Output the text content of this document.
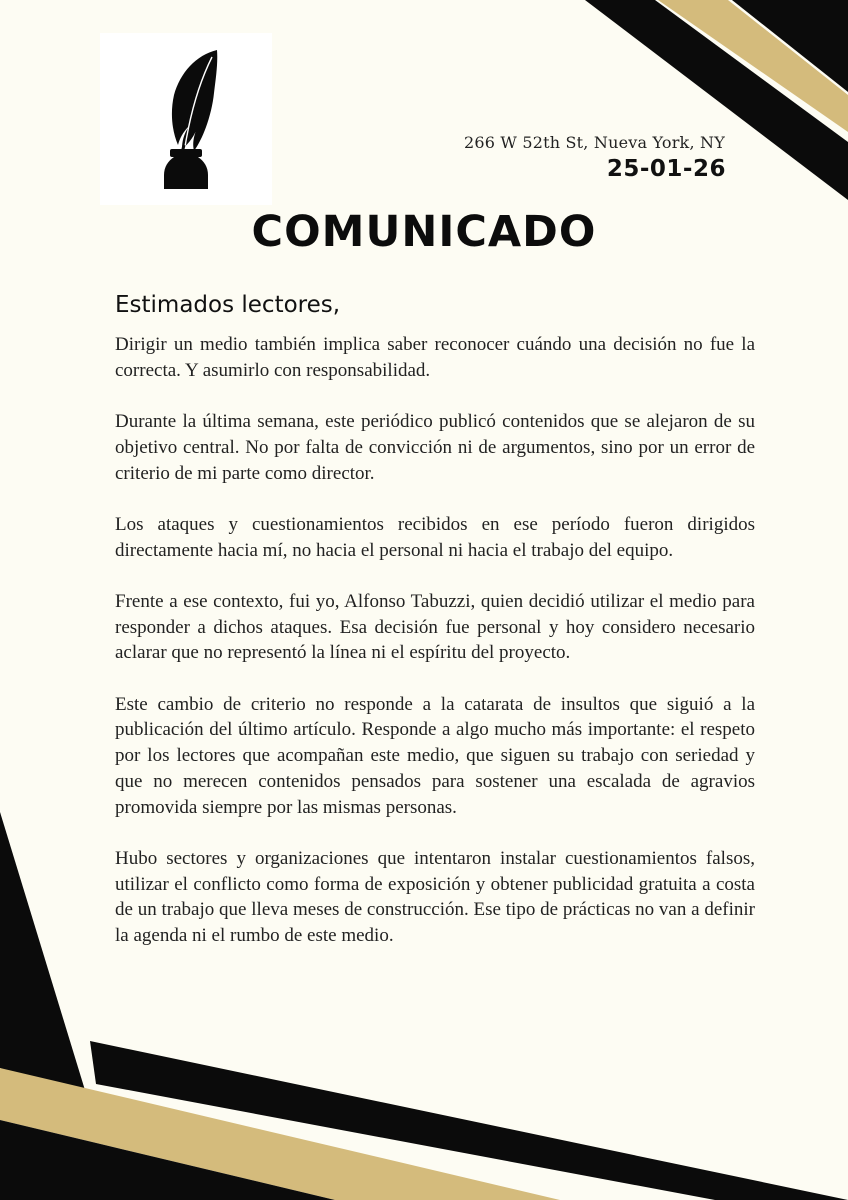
266 W 52th St, Nueva York, NY
25-01-26
COMUNICADO
Estimados lectores,

Dirigir un medio también implica saber reconocer cuándo una decisión no fue la correcta. Y asumirlo con responsabilidad.

Durante la última semana, este periódico publicó contenidos que se alejaron de su objetivo central. No por falta de convicción ni de argumentos, sino por un error de criterio de mi parte como director.

Los ataques y cuestionamientos recibidos en ese período fueron dirigidos directamente hacia mí, no hacia el personal ni hacia el trabajo del equipo.

Frente a ese contexto, fui yo, Alfonso Tabuzzi, quien decidió utilizar el medio para responder a dichos ataques. Esa decisión fue personal y hoy considero necesario aclarar que no representó la línea ni el espíritu del proyecto.

Este cambio de criterio no responde a la catarata de insultos que siguió a la publicación del último artículo. Responde a algo mucho más importante: el respeto por los lectores que acompañan este medio, que siguen su trabajo con seriedad y que no merecen contenidos pensados para sostener una escalada de agravios promovida siempre por las mismas personas.

Hubo sectores y organizaciones que intentaron instalar cuestionamientos falsos, utilizar el conflicto como forma de exposición y obtener publicidad gratuita a costa de un trabajo que lleva meses de construcción. Ese tipo de prácticas no van a definir la agenda ni el rumbo de este medio.
